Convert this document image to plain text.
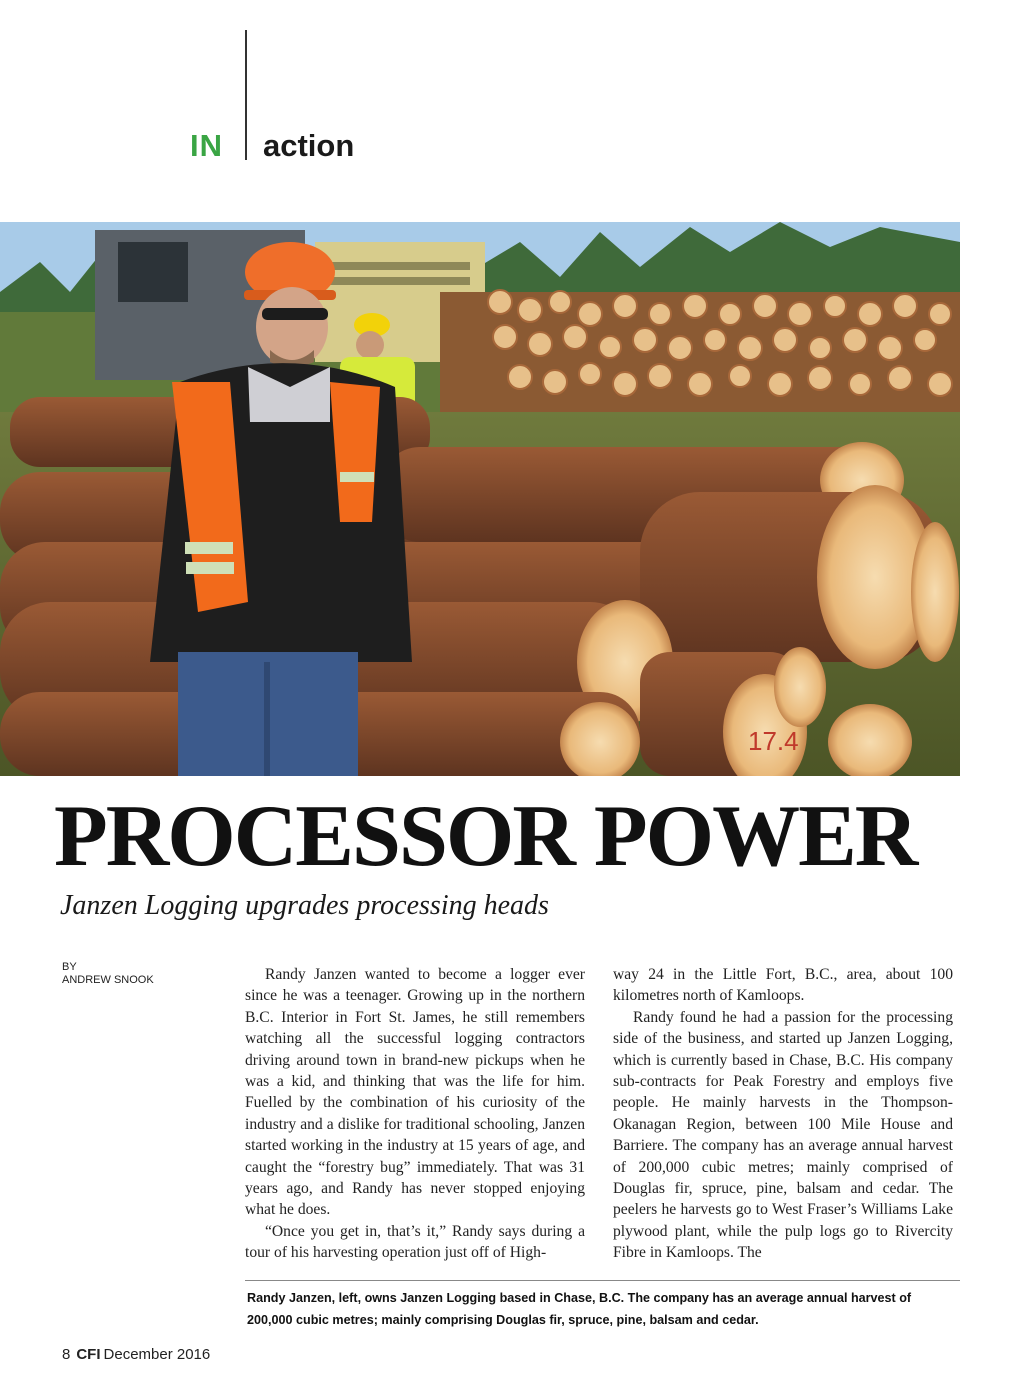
IN action
17.4
PROCESSOR POWER
Janzen Logging upgrades processing heads
BY
ANDREW SNOOK	Randy Janzen wanted to become a logger ever since he was a teenager. Growing up in the northern B.C. Interior in Fort St. James, he still remembers watching all the successful logging contractors driving around town in brand-new pickups when he was a kid, and thinking that was the life for him. Fuelled by the combination of his curiosity of the industry and a dislike for traditional schooling, Janzen started working in the industry at 15 years of age, and caught the “forestry bug” immediately. That was 31 years ago, and Randy has never stopped enjoying what he does.

“Once you get in, that’s it,” Randy says during a tour of his harvesting operation just off of High-

way 24 in the Little Fort, B.C., area, about 100 kilometres north of Kamloops.

Randy found he had a passion for the processing side of the business, and started up Janzen Logging, which is currently based in Chase, B.C. His company sub-contracts for Peak Forestry and employs five people. He mainly harvests in the Thompson-Okanagan Region, between 100 Mile House and Barriere. The company has an average annual harvest of 200,000 cubic metres; mainly comprised of Douglas fir, spruce, pine, balsam and cedar. The peelers he harvests go to West Fraser’s Williams Lake plywood plant, while the pulp logs go to Rivercity Fibre in Kamloops. The

Randy Janzen, left, owns Janzen Logging based in Chase, B.C. The company has an average annual harvest of 200,000 cubic metres; mainly comprising Douglas fir, spruce, pine, balsam and cedar.
8 CFI December 2016
